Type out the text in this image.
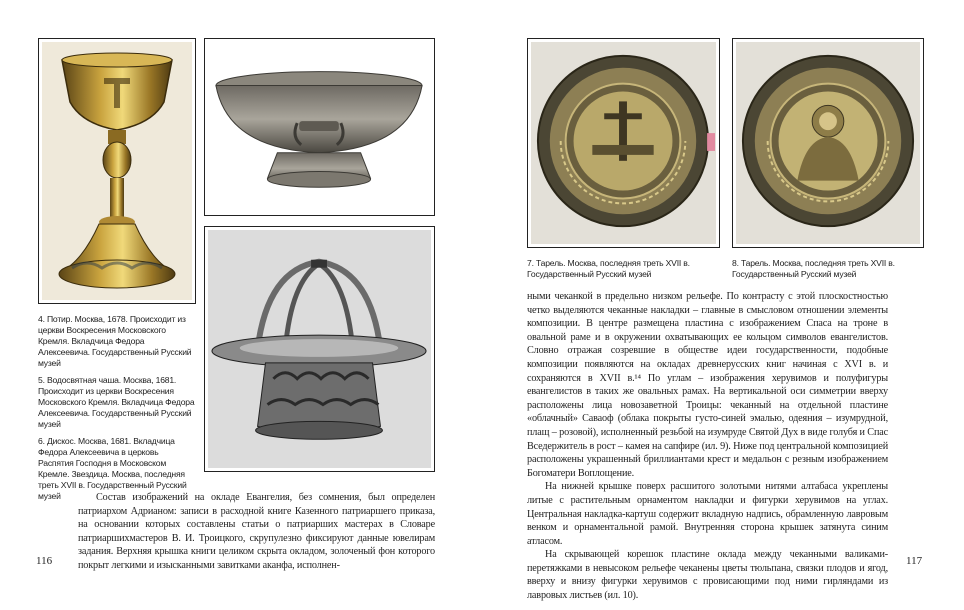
4. Потир. Москва, 1678. Происходит из церкви Воскресения Московского Кремля. Вкладчица Федора Алексеевича. Государственный Русский музей

5. Водосвятная чаша. Москва, 1681. Происходит из церкви Воскресения Московского Кремля. Вкладчица Федора Алексеевича. Государственный Русский музей

6. Дискос. Москва, 1681. Вкладчица Федора Алексеевича в церковь Распятия Господня в Московском Кремле. Звездица. Москва, последняя треть XVII в. Государственный Русский музей	Состав изображений на окладе Евангелия, без сомнения, был определен патриархом Адрианом: записи в расходной книге Казенного патриаршего приказа, на основании которых составлены статьи о патриарших мастерах в Словаре патриаршихмастеров В. И. Троицкого, скрупулезно фиксируют данные ювелирам задания. Верхняя крышка книги целиком скрыта окладом, золоченый фон которого покрыт легкими и изысканными завитками аканфа, исполнен-

116
7. Тарель. Москва, последняя треть XVII в. Государственный Русский музей
8. Тарель. Москва, последняя треть XVII в. Государственный Русский музей

ными чеканкой в предельно низком рельефе. По контрасту с этой плоскостностью четко выделяются чеканные накладки – главные в смысловом отношении элементы композиции. В центре размещена пластина с изображением Спаса на троне в овальной раме и в окружении охватывающих ее кольцом символов евангелистов. Словно отражая созревшие в обществе идеи государственности, подобные композиции появляются на окладах древнерусских книг начиная с XVI в. и сохраняются в XVII в.¹⁴ По углам – изображения херувимов и полуфигуры евангелистов в таких же овальных рамах. На вертикальной оси симметрии вверху расположены лица новозаветной Троицы: чеканный на отдельной пластине «облачный» Саваоф (облака покрыты густо-синей эмалью, одеяния – изумрудной, плащ – розовой), исполненный резьбой на изумруде Святой Дух в виде голубя и Спас Вседержитель в рост – камея на сапфире (ил. 9). Ниже под центральной композицией расположены украшенный бриллиантами крест и медальон с резным изображением Богоматери Воплощение.

На нижней крышке поверх расшитого золотыми нитями алтабаса укреплены литые с растительным орнаментом накладки и фигурки херувимов на углах. Центральная накладка-картуш содержит вкладную надпись, обрамленную лавровым венком и орнаментальной рамой. Внутренняя сторона крышек затянута синим атласом.

На скрывающей корешок пластине оклада между чеканными валиками-перетяжками в невысоком рельефе чеканены цветы тюльпана, связки плодов и ягод, вверху и внизу фигурки херувимов с провисающими под ними гирляндами из лавровых листьев (ил. 10).

117
